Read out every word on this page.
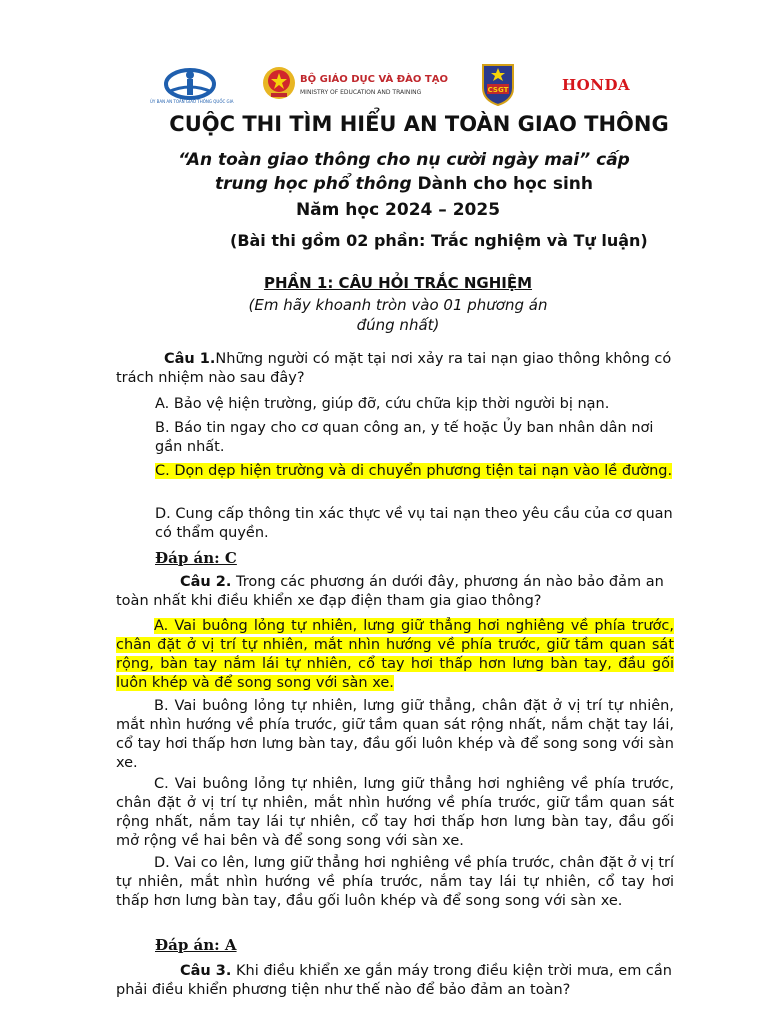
ỦY BAN AN TOÀN GIAO THÔNG QUỐC GIA
BỘ GIÁO DỤC VÀ ĐÀO TẠO
MINISTRY OF EDUCATION AND TRAINING	CSGT	HONDA
CUỘC THI TÌM HIỂU AN TOÀN GIAO THÔNG
“An toàn giao thông cho nụ cười ngày mai” cấp
trung học phổ thông Dành cho học sinh
Năm học 2024 – 2025
(Bài thi gồm 02 phần: Trắc nghiệm và Tự luận)
PHẦN 1: CÂU HỎI TRẮC NGHIỆM
(Em hãy khoanh tròn vào 01 phương án
đúng nhất)
Câu 1.Những người có mặt tại nơi xảy ra tai nạn giao thông không có trách nhiệm nào sau đây?
A. Bảo vệ hiện trường, giúp đỡ, cứu chữa kịp thời người bị nạn.
B. Báo tin ngay cho cơ quan công an, y tế hoặc Ủy ban nhân dân nơi gần nhất.
C. Dọn dẹp hiện trường và di chuyển phương tiện tai nạn vào lề đường.
D. Cung cấp thông tin xác thực về vụ tai nạn theo yêu cầu của cơ quan có thẩm quyền.
Đáp án: C
Câu 2. Trong các phương án dưới đây, phương án nào bảo đảm an toàn nhất khi điều khiển xe đạp điện tham gia giao thông?
A. Vai buông lỏng tự nhiên, lưng giữ thẳng hơi nghiêng về phía trước, chân đặt ở vị trí tự nhiên, mắt nhìn hướng về phía trước, giữ tầm quan sát rộng, bàn tay nắm lái tự nhiên, cổ tay hơi thấp hơn lưng bàn tay, đầu gối luôn khép và để song song với sàn xe.
B. Vai buông lỏng tự nhiên, lưng giữ thẳng, chân đặt ở vị trí tự nhiên, mắt nhìn hướng về phía trước, giữ tầm quan sát rộng nhất, nắm chặt tay lái, cổ tay hơi thấp hơn lưng bàn tay, đầu gối luôn khép và để song song với sàn xe.
C. Vai buông lỏng tự nhiên, lưng giữ thẳng hơi nghiêng về phía trước, chân đặt ở vị trí tự nhiên, mắt nhìn hướng về phía trước, giữ tầm quan sát rộng nhất, nắm tay lái tự nhiên, cổ tay hơi thấp hơn lưng bàn tay, đầu gối mở rộng về hai bên và để song song với sàn xe.
D. Vai co lên, lưng giữ thẳng hơi nghiêng về phía trước, chân đặt ở vị trí tự nhiên, mắt nhìn hướng về phía trước, nắm tay lái tự nhiên, cổ tay hơi thấp hơn lưng bàn tay, đầu gối luôn khép và để song song với sàn xe.
Đáp án: A
Câu 3. Khi điều khiển xe gắn máy trong điều kiện trời mưa, em cần phải điều khiển phương tiện như thế nào để bảo đảm an toàn?
